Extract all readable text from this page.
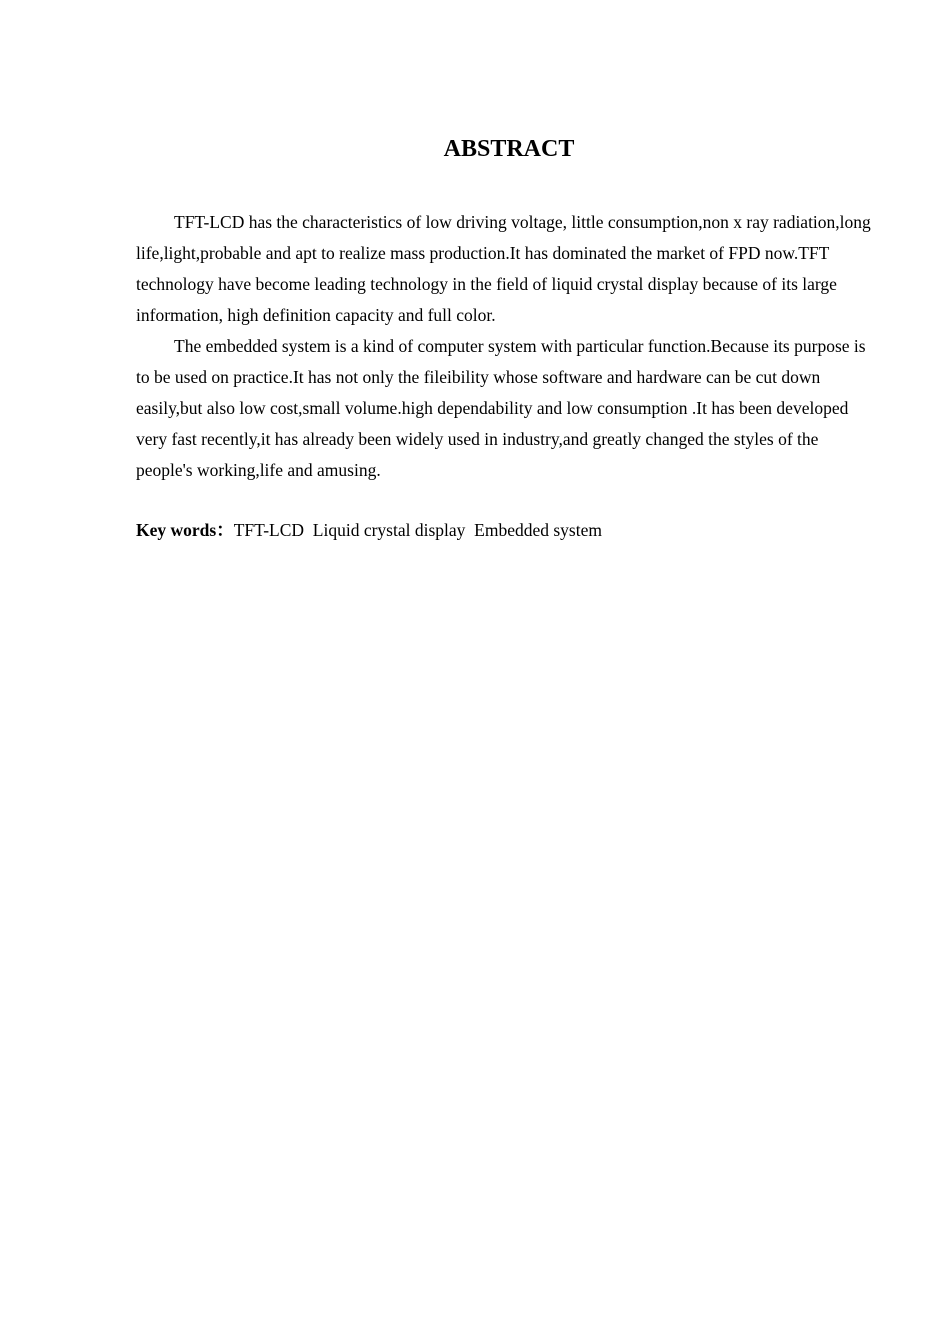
ABSTRACT

TFT-LCD has the characteristics of low driving voltage, little consumption,non x ray radiation,long life,light,probable and apt to realize mass production.It has dominated the market of FPD now.TFT technology have become leading technology in the field of liquid crystal display because of its large information, high definition capacity and full color.

The embedded system is a kind of computer system with particular function.Because its purpose is to be used on practice.It has not only the fileibility whose software and hardware can be cut down easily,but also low cost,small volume.high dependability and low consumption .It has been developed very fast recently,it has already been widely used in industry,and greatly changed the styles of the people's working,life and amusing.

Key words：TFT-LCD  Liquid crystal display  Embedded system
